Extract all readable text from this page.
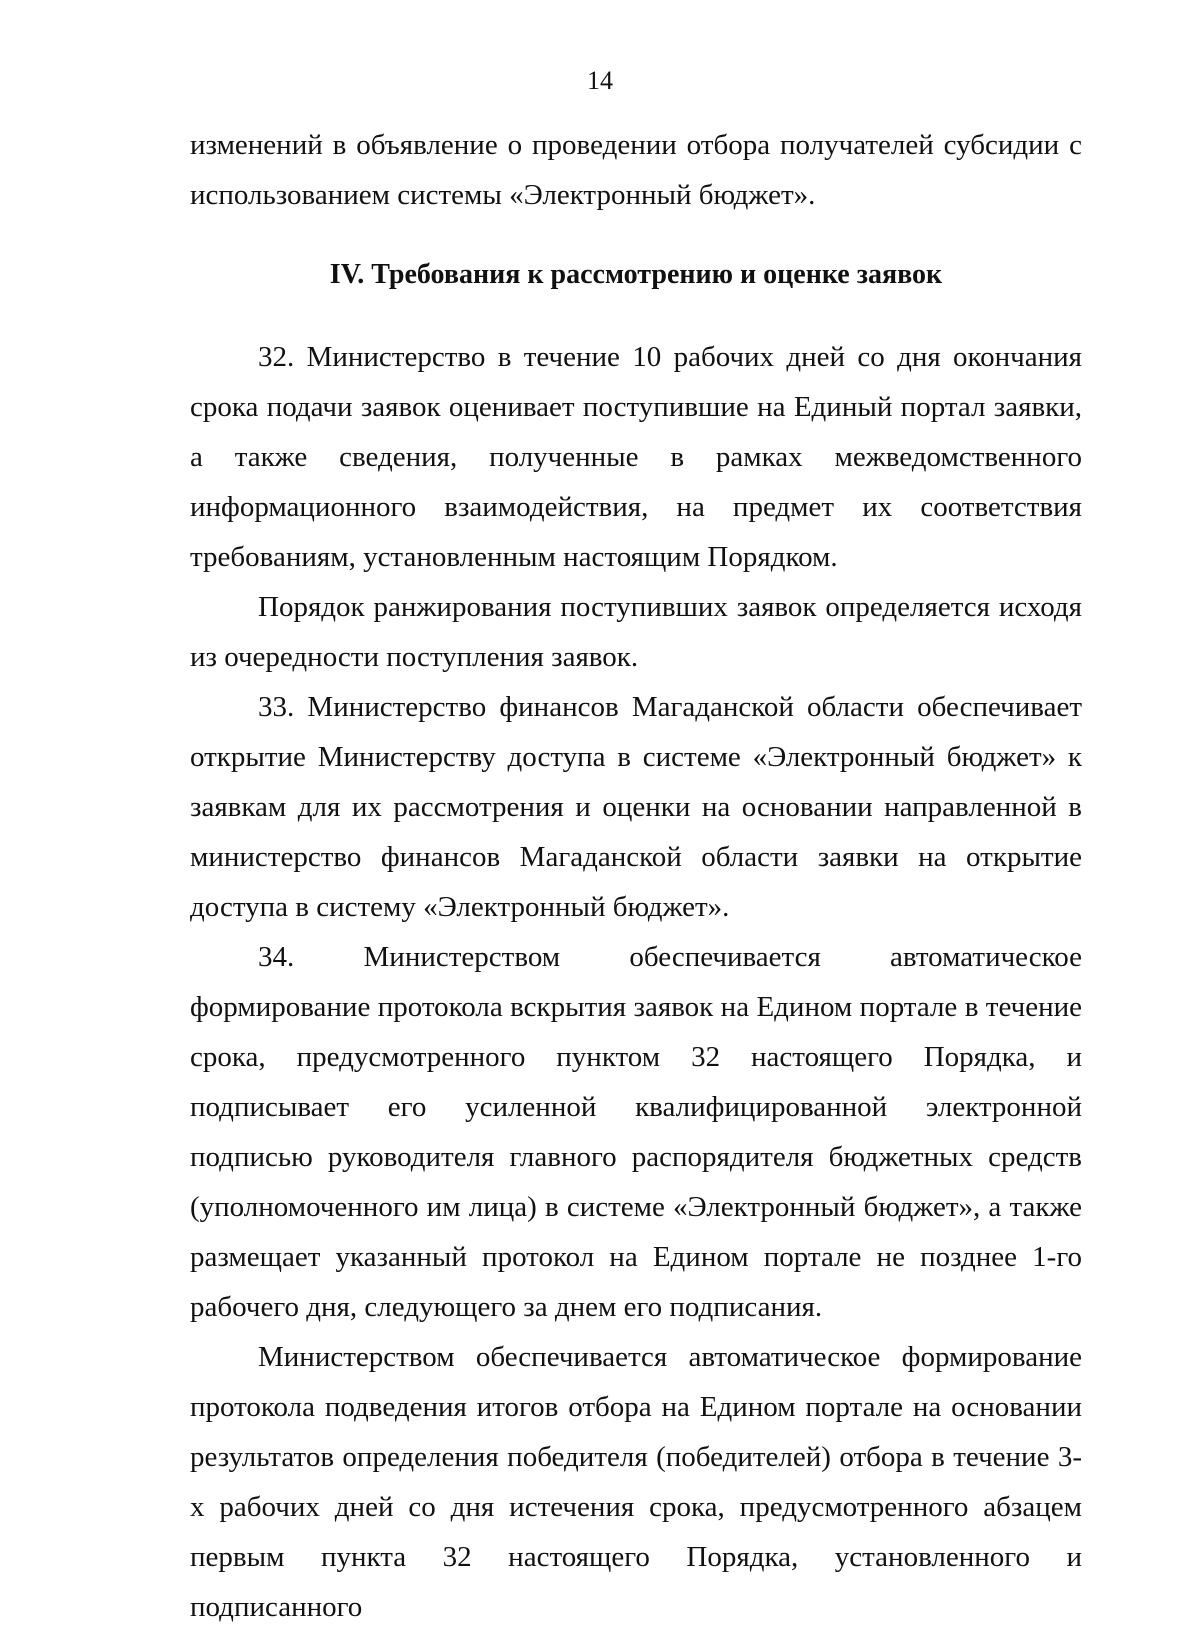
14

изменений в объявление о проведении отбора получателей субсидии с использованием системы «Электронный бюджет».

IV. Требования к рассмотрению и оценке заявок

32. Министерство в течение 10 рабочих дней со дня окончания срока подачи заявок оценивает поступившие на Единый портал заявки, а также сведения, полученные в рамках межведомственного информационного взаимодействия, на предмет их соответствия требованиям, установленным настоящим Порядком.

Порядок ранжирования поступивших заявок определяется исходя из очередности поступления заявок.

33. Министерство финансов Магаданской области обеспечивает открытие Министерству доступа в системе «Электронный бюджет» к заявкам для их рассмотрения и оценки на основании направленной в министерство финансов Магаданской области заявки на открытие доступа в систему «Электронный бюджет».

34. Министерством обеспечивается автоматическое формирование протокола вскрытия заявок на Едином портале в течение срока, предусмотренного пунктом 32 настоящего Порядка, и подписывает его усиленной квалифицированной электронной подписью руководителя главного распорядителя бюджетных средств (уполномоченного им лица) в системе «Электронный бюджет», а также размещает указанный протокол на Едином портале не позднее 1-го рабочего дня, следующего за днем его подписания.

Министерством обеспечивается автоматическое формирование протокола подведения итогов отбора на Едином портале на основании результатов определения победителя (победителей) отбора в течение 3-х рабочих дней со дня истечения срока, предусмотренного абзацем первым пункта 32 настоящего Порядка, установленного и подписанного
